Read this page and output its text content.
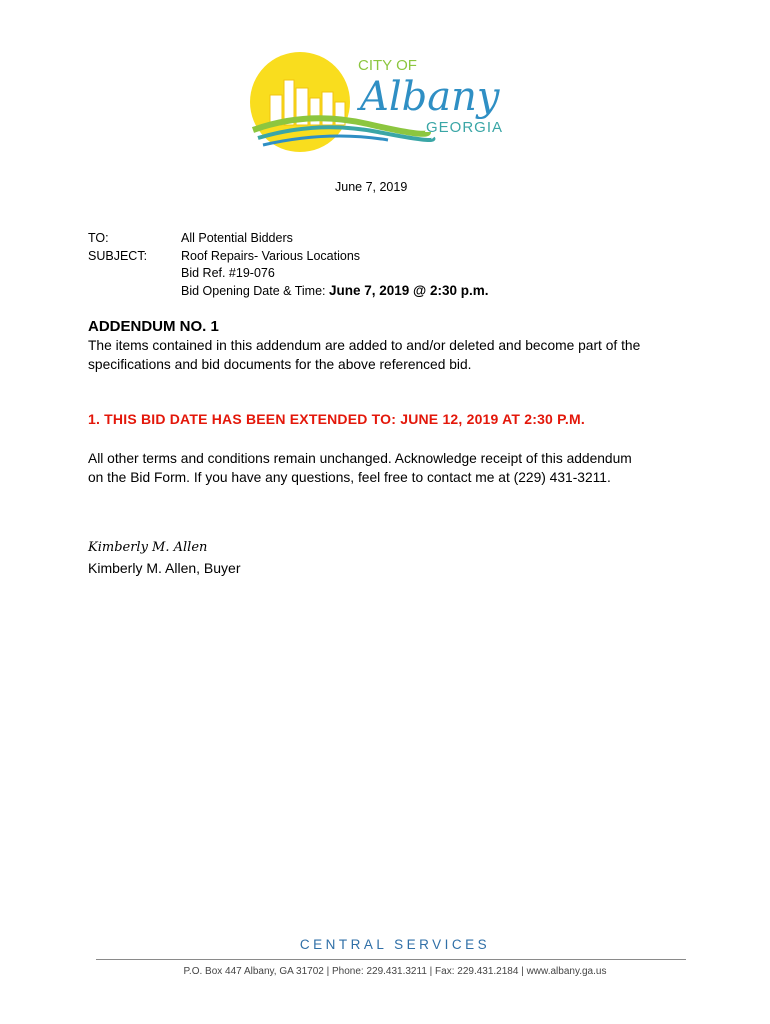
CITY OF
Albany
GEORGIA
June 7, 2019
TO:	All Potential Bidders
SUBJECT:	Roof Repairs- Various Locations
Bid Ref. #19-076
Bid Opening Date & Time: June 7, 2019 @ 2:30 p.m.
ADDENDUM NO. 1
The items contained in this addendum are added to and/or deleted and become part of the specifications and bid documents for the above referenced bid.
1. THIS BID DATE HAS BEEN EXTENDED TO: JUNE 12, 2019 AT 2:30 P.M.
All other terms and conditions remain unchanged. Acknowledge receipt of this addendum on the Bid Form. If you have any questions, feel free to contact me at (229) 431-3211.
Kimberly M. Allen
Kimberly M. Allen, Buyer
CENTRAL SERVICES
P.O. Box 447 Albany, GA 31702 | Phone: 229.431.3211 | Fax: 229.431.2184 | www.albany.ga.us
